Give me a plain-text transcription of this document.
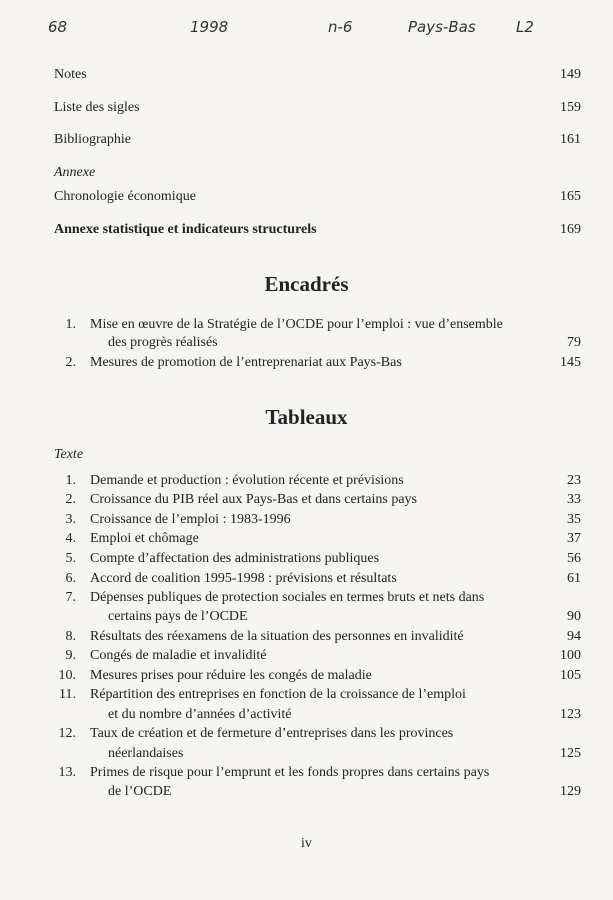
68	1998	n-6	Pays-Bas	L2
Notes	149
Liste des sigles	159
Bibliographie	161
Annexe
Chronologie économique	165
Annexe statistique et indicateurs structurels	169
Encadrés
1. Mise en œuvre de la Stratégie de l’OCDE pour l’emploi : vue d’ensemble
des progrès réalisés	79
2. Mesures de promotion de l’entreprenariat aux Pays-Bas	145
Tableaux
Texte
1. Demande et production : évolution récente et prévisions	23
2. Croissance du PIB réel aux Pays-Bas et dans certains pays	33
3. Croissance de l’emploi : 1983-1996	35
4. Emploi et chômage	37
5. Compte d’affectation des administrations publiques	56
6. Accord de coalition 1995-1998 : prévisions et résultats	61
7. Dépenses publiques de protection sociales en termes bruts et nets dans
certains pays de l’OCDE	90
8. Résultats des réexamens de la situation des personnes en invalidité	94
9. Congés de maladie et invalidité	100
10. Mesures prises pour réduire les congés de maladie	105
11. Répartition des entreprises en fonction de la croissance de l’emploi
et du nombre d’années d’activité	123
12. Taux de création et de fermeture d’entreprises dans les provinces
néerlandaises	125
13. Primes de risque pour l’emprunt et les fonds propres dans certains pays
de l’OCDE	129
iv
